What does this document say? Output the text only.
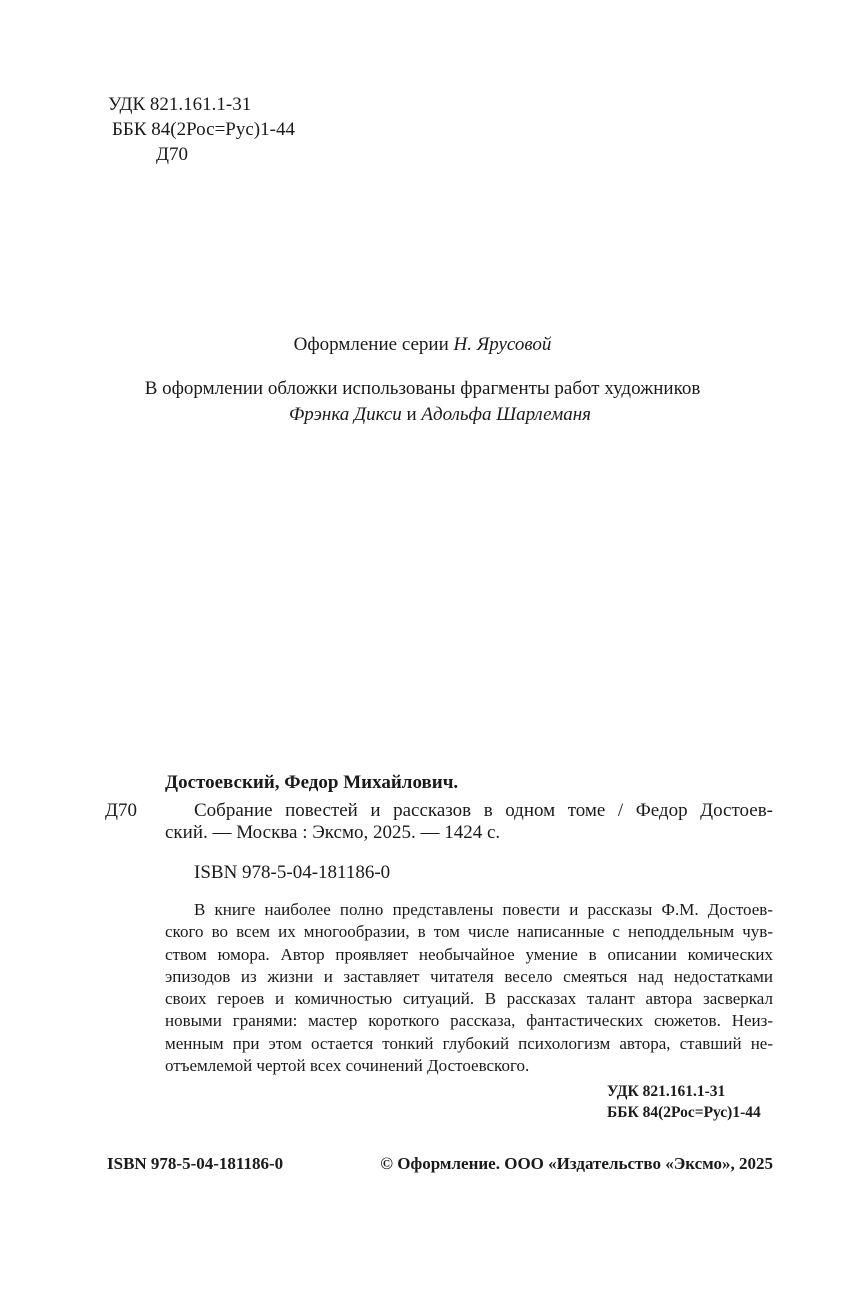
УДК 821.161.1-31
ББК 84(2Рос=Рус)1-44
Д70
Оформление серии Н. Ярусовой
В оформлении обложки использованы фрагменты работ художников
Фрэнка Дикси и Адольфа Шарлеманя
Достоевский, Федор Михайлович.
Д70	Собрание повестей и рассказов в одном томе / Федор Достоев-
ский. — Москва : Эксмо, 2025. — 1424 с.
ISBN 978-5-04-181186-0
В книге наиболее полно представлены повести и рассказы Ф.М. Достоев-
ского во всем их многообразии, в том числе написанные с неподдельным чув-
ством юмора. Автор проявляет необычайное умение в описании комических
эпизодов из жизни и заставляет читателя весело смеяться над недостатками
своих героев и комичностью ситуаций. В рассказах талант автора засверкал
новыми гранями: мастер короткого рассказа, фантастических сюжетов. Неиз-
менным при этом остается тонкий глубокий психологизм автора, ставший не-
отъемлемой чертой всех сочинений Достоевского.
УДК 821.161.1-31
ББК 84(2Рос=Рус)1-44
ISBN 978-5-04-181186-0	© Оформление. ООО «Издательство «Эксмо», 2025
